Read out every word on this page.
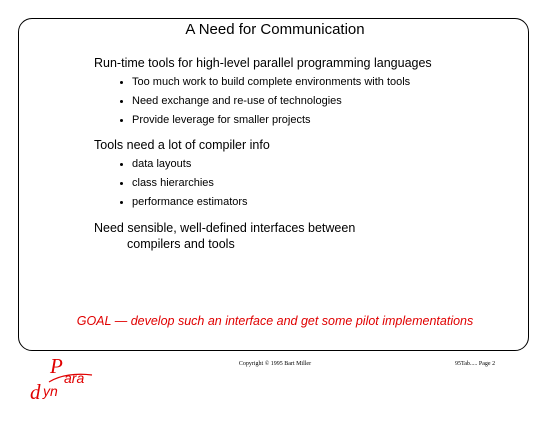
A Need for Communication
Run-time tools for high-level parallel programming languages
Too much work to build complete environments with tools
Need exchange and re-use of technologies
Provide leverage for smaller projects
Tools need a lot of compiler info
data layouts
class hierarchies
performance estimators
Need sensible, well-defined interfaces between
compilers and tools
GOAL — develop such an interface and get some pilot implementations
Copyright © 1995 Bart Miller	95Tab..... Page 2
P ara
d yn
